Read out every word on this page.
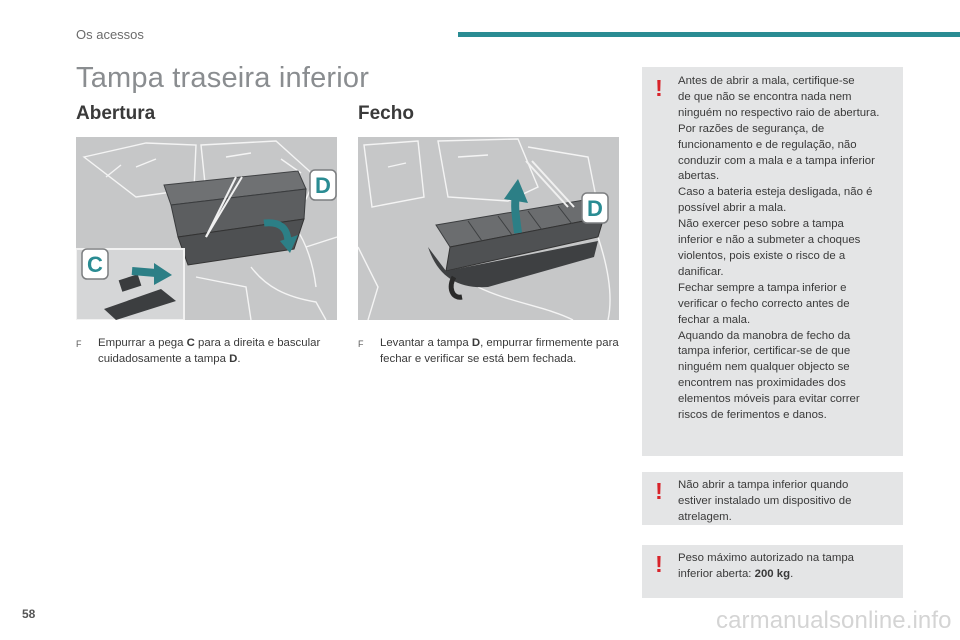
Os acessos
Tampa traseira inferior
Abertura	Fecho
C
D
D
F	Empurrar a pega C para a direita e bascular cuidadosamente a tampa D.
F	Levantar a tampa D, empurrar firmemente para fechar e verificar se está bem fechada.
! Antes de abrir a mala, certifique-se
de que não se encontra nada nem
ninguém no respectivo raio de abertura.
Por razões de segurança, de
funcionamento e de regulação, não
conduzir com a mala e a tampa inferior
abertas.
Caso a bateria esteja desligada, não é
possível abrir a mala.
Não exercer peso sobre a tampa
inferior e não a submeter a choques
violentos, pois existe o risco de a
danificar.
Fechar sempre a tampa inferior e
verificar o fecho correcto antes de
fechar a mala.
Aquando da manobra de fecho da
tampa inferior, certificar-se de que
ninguém nem qualquer objecto se
encontrem nas proximidades dos
elementos móveis para evitar correr
riscos de ferimentos e danos.
! Não abrir a tampa inferior quando
estiver instalado um dispositivo de
atrelagem.
! Peso máximo autorizado na tampa
inferior aberta: 200 kg.
58	carmanualsonline.info
